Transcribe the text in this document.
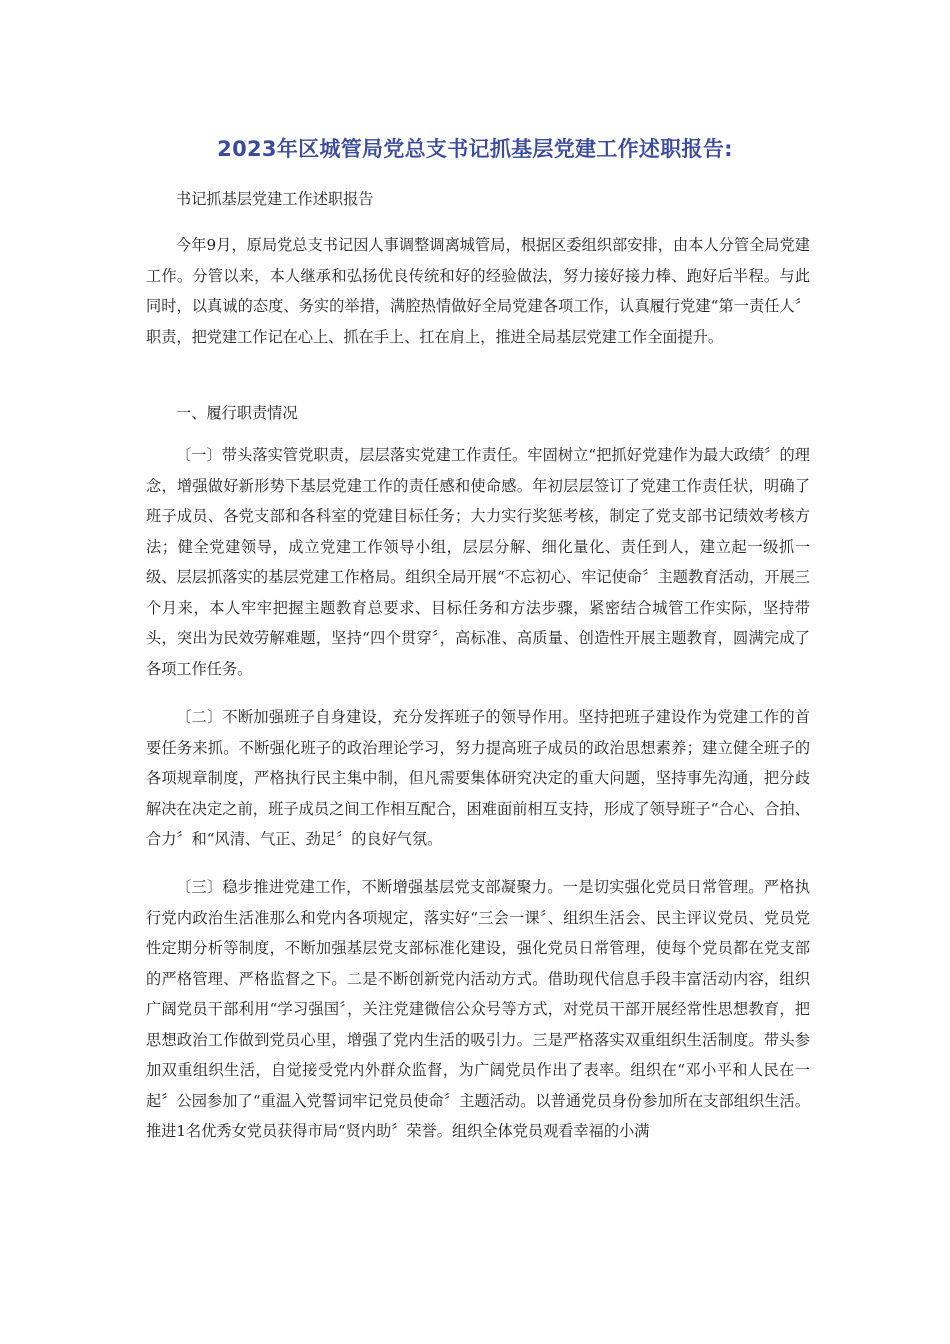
2023年区城管局党总支书记抓基层党建工作述职报告:
书记抓基层党建工作述职报告

今年9月，原局党总支书记因人事调整调离城管局，根据区委组织部安排，由本人分管全局党建工作。分管以来，本人继承和弘扬优良传统和好的经验做法，努力接好接力棒、跑好后半程。与此同时，以真诚的态度、务实的举措，满腔热情做好全局党建各项工作，认真履行党建“第一责任人〞职责，把党建工作记在心上、抓在手上、扛在肩上，推进全局基层党建工作全面提升。

一、履行职责情况

〔一〕带头落实管党职责，层层落实党建工作责任。牢固树立“把抓好党建作为最大政绩〞的理念，增强做好新形势下基层党建工作的责任感和使命感。年初层层签订了党建工作责任状，明确了班子成员、各党支部和各科室的党建目标任务；大力实行奖惩考核，制定了党支部书记绩效考核方法；健全党建领导，成立党建工作领导小组，层层分解、细化量化、责任到人，建立起一级抓一级、层层抓落实的基层党建工作格局。组织全局开展“不忘初心、牢记使命〞主题教育活动，开展三个月来，本人牢牢把握主题教育总要求、目标任务和方法步骤，紧密结合城管工作实际，坚持带头，突出为民效劳解难题，坚持“四个贯穿〞，高标准、高质量、创造性开展主题教育，圆满完成了各项工作任务。

〔二〕不断加强班子自身建设，充分发挥班子的领导作用。坚持把班子建设作为党建工作的首要任务来抓。不断强化班子的政治理论学习，努力提高班子成员的政治思想素养；建立健全班子的各项规章制度，严格执行民主集中制，但凡需要集体研究决定的重大问题，坚持事先沟通，把分歧解决在决定之前，班子成员之间工作相互配合，困难面前相互支持，形成了领导班子“合心、合拍、合力〞和“风清、气正、劲足〞的良好气氛。

〔三〕稳步推进党建工作，不断增强基层党支部凝聚力。一是切实强化党员日常管理。严格执行党内政治生活准那么和党内各项规定，落实好“三会一课〞、组织生活会、民主评议党员、党员党性定期分析等制度，不断加强基层党支部标准化建设，强化党员日常管理，使每个党员都在党支部的严格管理、严格监督之下。二是不断创新党内活动方式。借助现代信息手段丰富活动内容，组织广阔党员干部利用“学习强国〞，关注党建微信公众号等方式，对党员干部开展经常性思想教育，把思想政治工作做到党员心里，增强了党内生活的吸引力。三是严格落实双重组织生活制度。带头参加双重组织生活，自觉接受党内外群众监督，为广阔党员作出了表率。组织在“邓小平和人民在一起〞公园参加了“重温入党誓词牢记党员使命〞主题活动。以普通党员身份参加所在支部组织生活。推进1名优秀女党员获得市局“贤内助〞荣誉。组织全体党员观看幸福的小满
